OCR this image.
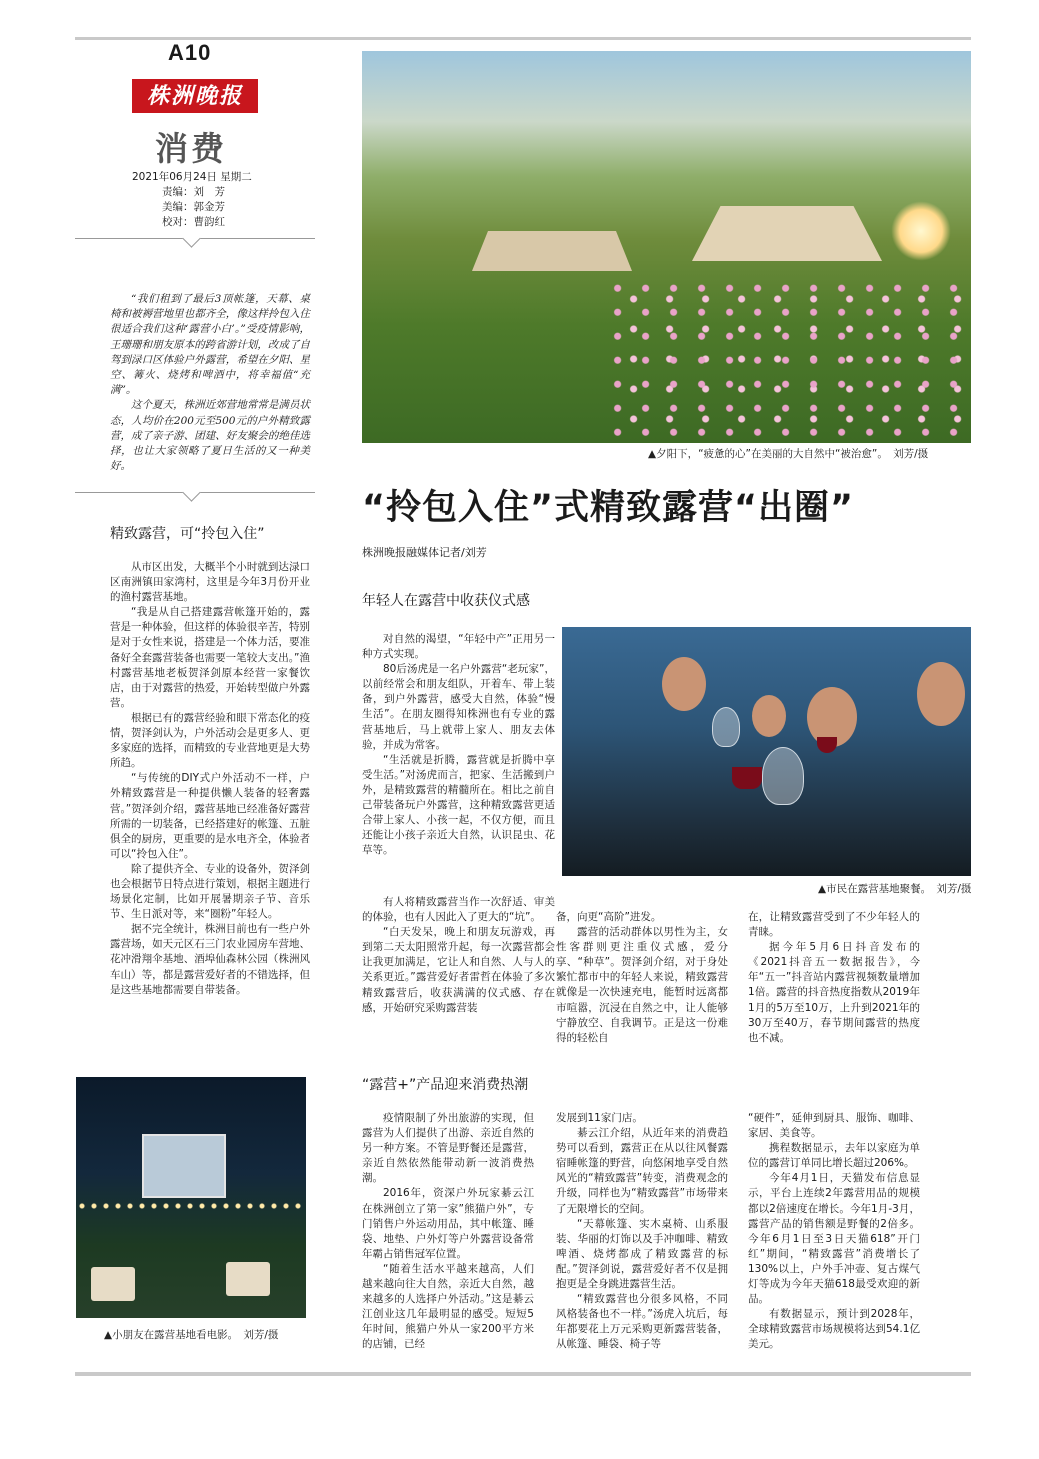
A10
株洲晚报
消费
2021年06月24日 星期二
责编：刘　芳
美编：郭金芳
校对：曹韵红

“我们租到了最后3顶帐篷，天幕、桌椅和被褥营地里也都齐全，像这样拎包入住很适合我们这种‘露营小白’。”受疫情影响，王珊珊和朋友原本的跨省游计划，改成了自驾到渌口区体验户外露营，希望在夕阳、星空、篝火、烧烤和啤酒中，将幸福值“充满”。

这个夏天，株洲近郊营地常常是满员状态，人均价在200元至500元的户外精致露营，成了亲子游、团建、好友聚会的绝佳选择，也让大家领略了夏日生活的又一种美好。

▲夕阳下，“疲惫的心”在美丽的大自然中“被治愈”。　刘芳/摄
“拎包入住”式精致露营“出圈”
株洲晚报融媒体记者/刘芳
精致露营，可“拎包入住”

从市区出发，大概半个小时就到达渌口区南洲镇田家湾村，这里是今年3月份开业的渔村露营基地。

“我是从自己搭建露营帐篷开始的，露营是一种体验，但这样的体验很辛苦，特别是对于女性来说，搭建是一个体力活，要准备好全套露营装备也需要一笔较大支出。”渔村露营基地老板贺泽剑原本经营一家餐饮店，由于对露营的热爱，开始转型做户外露营。

根据已有的露营经验和眼下常态化的疫情，贺泽剑认为，户外活动会是更多人、更多家庭的选择，而精致的专业营地更是大势所趋。

“与传统的DIY式户外活动不一样，户外精致露营是一种提供懒人装备的轻奢露营。”贺泽剑介绍，露营基地已经准备好露营所需的一切装备，已经搭建好的帐篷、五脏俱全的厨房，更重要的是水电齐全，体验者可以“拎包入住”。

除了提供齐全、专业的设备外，贺泽剑也会根据节日特点进行策划，根据主题进行场景化定制，比如开展暑期亲子节、音乐节、生日派对等，来“圈粉”年轻人。

据不完全统计，株洲目前也有一些户外露营场，如天元区石三门农业园房车营地、花冲滑翔伞基地、酒埠仙森林公园（株洲风车山）等，都是露营爱好者的不错选择，但是这些基地都需要自带装备。

年轻人在露营中收获仪式感

对自然的渴望，“年轻中产”正用另一种方式实现。

80后汤虎是一名户外露营“老玩家”，以前经常会和朋友组队，开着车、带上装备，到户外露营，感受大自然，体验“慢生活”。在朋友圈得知株洲也有专业的露营基地后，马上就带上家人、朋友去体验，并成为常客。

“生活就是折腾，露营就是折腾中享受生活。”对汤虎而言，把家、生活搬到户外，是精致露营的精髓所在。相比之前自己带装备玩户外露营，这种精致露营更适合带上家人、小孩一起，不仅方便，而且还能让小孩子亲近大自然，认识昆虫、花草等。

有人将精致露营当作一次舒适、审美的体验，也有人因此入了更大的“坑”。

“白天发呆，晚上和朋友玩游戏，再到第二天太阳照常升起，每一次露营都会让我更加满足，它让人和自然、人与人的关系更近。”露营爱好者雷哲在体验了多次精致露营后，收获满满的仪式感、存在感，开始研究采购露营装

备，向更“高阶”进发。

露营的活动群体以男性为主，女性客群则更注重仪式感，爱分享、“种草”。贺泽剑介绍，对于身处繁忙都市中的年轻人来说，精致露营就像是一次快速充电，能暂时远离都市喧嚣，沉浸在自然之中，让人能够宁静放空、自我调节。正是这一份难得的轻松自

在，让精致露营受到了不少年轻人的青睐。

据今年5月6日抖音发布的《2021抖音五一数据报告》，今年“五一”抖音站内露营视频数量增加1倍。露营的抖音热度指数从2019年1月的5万至10万，上升到2021年的30万至40万，春节期间露营的热度也不减。

▲市民在露营基地聚餐。　刘芳/摄
▲小朋友在露营基地看电影。　刘芳/摄
“露营+”产品迎来消费热潮

疫情限制了外出旅游的实现，但露营为人们提供了出游、亲近自然的另一种方案。不管是野餐还是露营，亲近自然依然能带动新一波消费热潮。

2016年，资深户外玩家綦云江在株洲创立了第一家”熊猫户外”，专门销售户外运动用品，其中帐篷、睡袋、地垫、户外灯等户外露营设备常年霸占销售冠军位置。

“随着生活水平越来越高，人们越来越向往大自然，亲近大自然，越来越多的人选择户外活动。”这是綦云江创业这几年最明显的感受。短短5年时间，熊猫户外从一家200平方米的店铺，已经

发展到11家门店。

綦云江介绍，从近年来的消费趋势可以看到，露营正在从以往风餐露宿睡帐篷的野营，向悠闲地享受自然风光的“精致露营”转变，消费观念的升级，同样也为“精致露营”市场带来了无限增长的空间。

“天幕帐篷、实木桌椅、山系服装、华丽的灯饰以及手冲咖啡、精致啤酒、烧烤都成了精致露营的标配。”贺泽剑说，露营爱好者不仅是拥抱更是全身跳进露营生活。

“精致露营也分很多风格，不同风格装备也不一样。”汤虎入坑后，每年都要花上万元采购更新露营装备，从帐篷、睡袋、椅子等

“硬件”，延伸到厨具、服饰、咖啡、家居、美食等。

携程数据显示，去年以家庭为单位的露营订单同比增长超过206%。

今年4月1日，天猫发布信息显示，平台上连续2年露营用品的规模都以2倍速度在增长。今年1月-3月，露营产品的销售额是野餐的2倍多。今年6月1日至3日天猫618”开门红”期间，“精致露营”消费增长了130%以上，户外手冲壶、复古煤气灯等成为今年天猫618最受欢迎的新品。

有数据显示，预计到2028年，全球精致露营市场规模将达到54.1亿美元。
